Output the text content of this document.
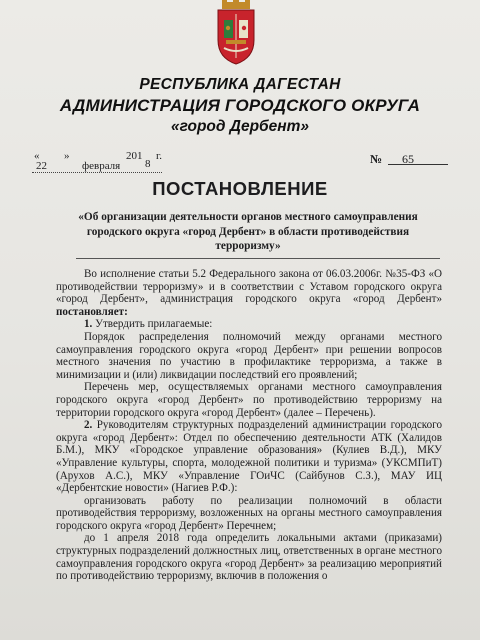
РЕСПУБЛИКА ДАГЕСТАН
АДМИНИСТРАЦИЯ ГОРОДСКОГО ОКРУГА
«город Дербент»
«
22
»
февраля
201
8
г.	№ 65
ПОСТАНОВЛЕНИЕ
«Об организации деятельности органов местного самоуправления городского округа «город Дербент» в области противодействия терроризму»

Во исполнение статьи 5.2 Федерального закона от 06.03.2006г. №35-ФЗ «О противодействии терроризму» и в соответствии с Уставом городского округа «город Дербент», администрация городского округа «город Дербент» постановляет:

1. Утвердить прилагаемые:

Порядок распределения полномочий между органами местного самоуправления городского округа «город Дербент» при решении вопросов местного значения по участию в профилактике терроризма, а также в минимизации и (или) ликвидации последствий его проявлений;

Перечень мер, осуществляемых органами местного самоуправления городского округа «город Дербент» по противодействию терроризму на территории городского округа «город Дербент» (далее – Перечень).

2. Руководителям структурных подразделений администрации городского округа «город Дербент»: Отдел по обеспечению деятельности АТК (Халидов Б.М.), МКУ «Городское управление образования» (Кулиев В.Д.), МКУ «Управление культуры, спорта, молодежной политики и туризма» (УКСМПиТ) (Арухов А.С.), МКУ «Управление ГОиЧС (Сайбунов С.З.), МАУ ИЦ «Дербентские новости» (Нагиев Р.Ф.):

организовать работу по реализации полномочий в области противодействия терроризму, возложенных на органы местного самоуправления городского округа «город Дербент» Перечнем;

до 1 апреля 2018 года определить локальными актами (приказами) структурных подразделений должностных лиц, ответственных в органе местного самоуправления городского округа «город Дербент» за реализацию мероприятий по противодействию терроризму, включив в положения о
